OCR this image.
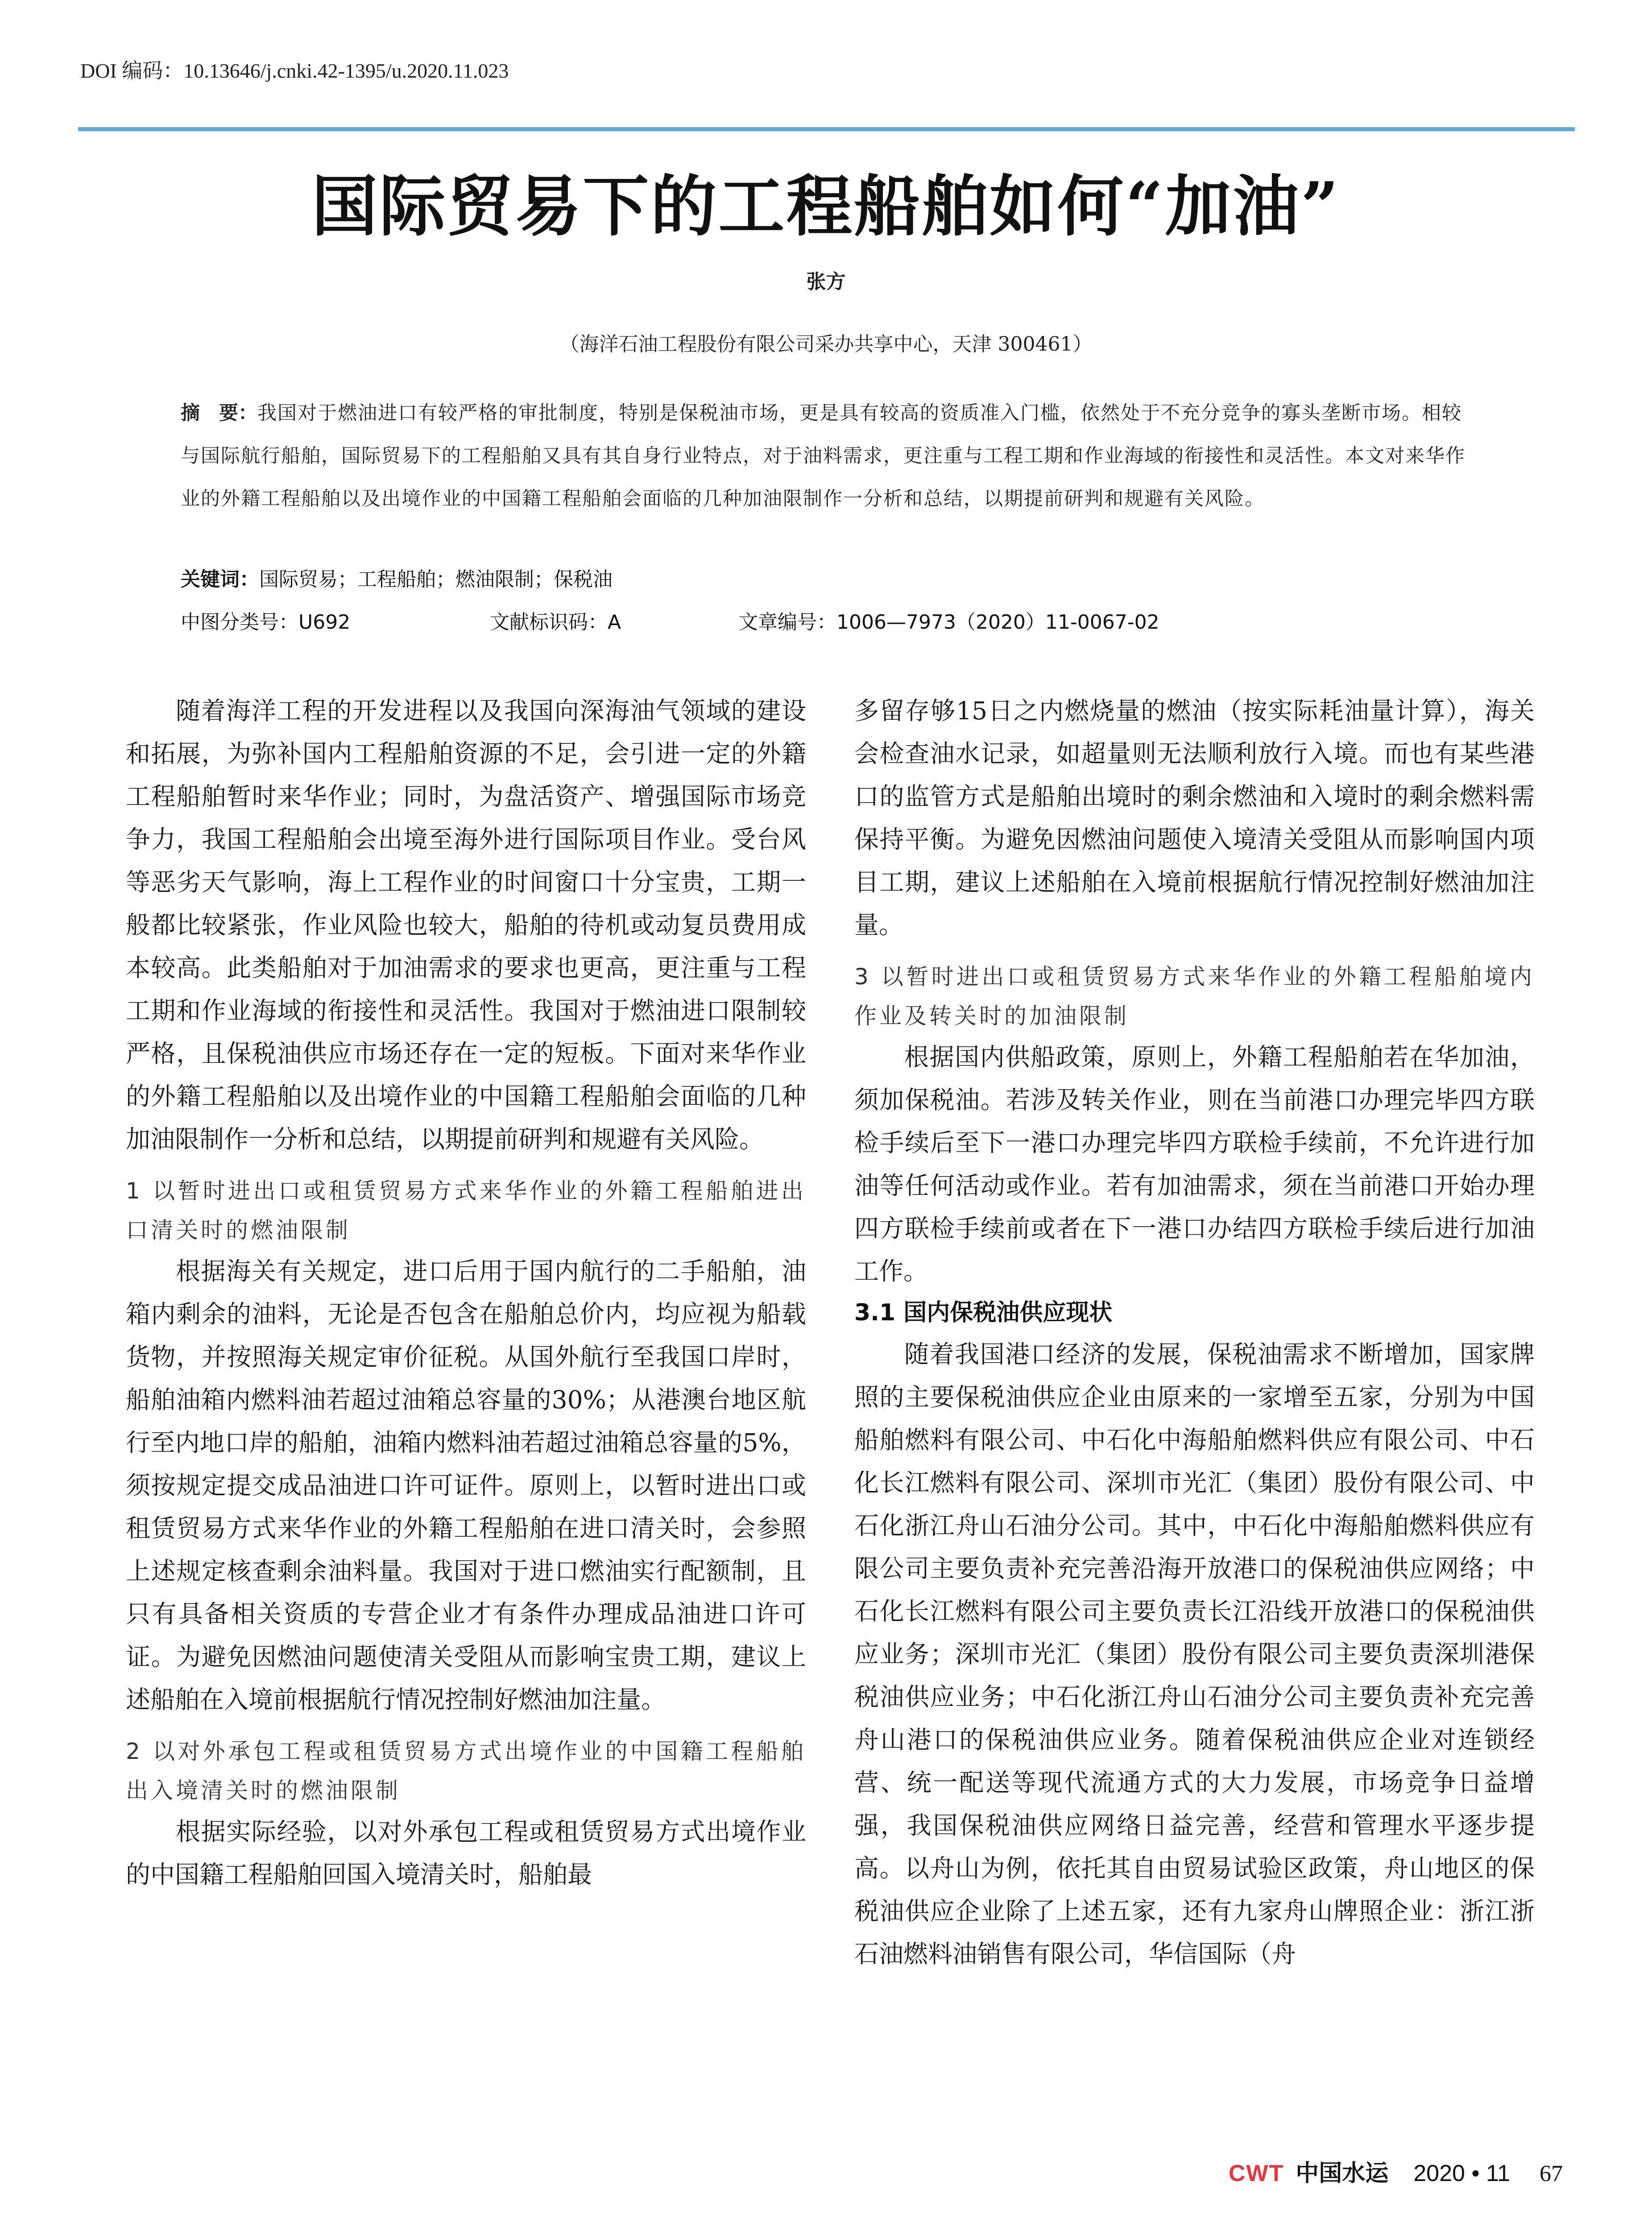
DOI 编码：10.13646/j.cnki.42-1395/u.2020.11.023
国际贸易下的工程船舶如何“加油”
张方
（海洋石油工程股份有限公司采办共享中心，天津 300461）
摘　要：我国对于燃油进口有较严格的审批制度，特别是保税油市场，更是具有较高的资质准入门槛，依然处于不充分竞争的寡头垄断市场。相较与国际航行船舶，国际贸易下的工程船舶又具有其自身行业特点，对于油料需求，更注重与工程工期和作业海域的衔接性和灵活性。本文对来华作业的外籍工程船舶以及出境作业的中国籍工程船舶会面临的几种加油限制作一分析和总结，以期提前研判和规避有关风险。
关键词：国际贸易；工程船舶；燃油限制；保税油
中图分类号：U692	文献标识码：A	文章编号：1006—7973（2020）11-0067-02

随着海洋工程的开发进程以及我国向深海油气领域的建设和拓展，为弥补国内工程船舶资源的不足，会引进一定的外籍工程船舶暂时来华作业；同时，为盘活资产、增强国际市场竞争力，我国工程船舶会出境至海外进行国际项目作业。受台风等恶劣天气影响，海上工程作业的时间窗口十分宝贵，工期一般都比较紧张，作业风险也较大，船舶的待机或动复员费用成本较高。此类船舶对于加油需求的要求也更高，更注重与工程工期和作业海域的衔接性和灵活性。我国对于燃油进口限制较严格，且保税油供应市场还存在一定的短板。下面对来华作业的外籍工程船舶以及出境作业的中国籍工程船舶会面临的几种加油限制作一分析和总结，以期提前研判和规避有关风险。

1 以暂时进出口或租赁贸易方式来华作业的外籍工程船舶进出口清关时的燃油限制

根据海关有关规定，进口后用于国内航行的二手船舶，油箱内剩余的油料，无论是否包含在船舶总价内，均应视为船载货物，并按照海关规定审价征税。从国外航行至我国口岸时，船舶油箱内燃料油若超过油箱总容量的30%；从港澳台地区航行至内地口岸的船舶，油箱内燃料油若超过油箱总容量的5%，须按规定提交成品油进口许可证件。原则上，以暂时进出口或租赁贸易方式来华作业的外籍工程船舶在进口清关时，会参照上述规定核查剩余油料量。我国对于进口燃油实行配额制，且只有具备相关资质的专营企业才有条件办理成品油进口许可证。为避免因燃油问题使清关受阻从而影响宝贵工期，建议上述船舶在入境前根据航行情况控制好燃油加注量。

2 以对外承包工程或租赁贸易方式出境作业的中国籍工程船舶出入境清关时的燃油限制

根据实际经验，以对外承包工程或租赁贸易方式出境作业的中国籍工程船舶回国入境清关时，船舶最

多留存够15日之内燃烧量的燃油（按实际耗油量计算），海关会检查油水记录，如超量则无法顺利放行入境。而也有某些港口的监管方式是船舶出境时的剩余燃油和入境时的剩余燃料需保持平衡。为避免因燃油问题使入境清关受阻从而影响国内项目工期，建议上述船舶在入境前根据航行情况控制好燃油加注量。

3 以暂时进出口或租赁贸易方式来华作业的外籍工程船舶境内作业及转关时的加油限制

根据国内供船政策，原则上，外籍工程船舶若在华加油，须加保税油。若涉及转关作业，则在当前港口办理完毕四方联检手续后至下一港口办理完毕四方联检手续前，不允许进行加油等任何活动或作业。若有加油需求，须在当前港口开始办理四方联检手续前或者在下一港口办结四方联检手续后进行加油工作。

3.1 国内保税油供应现状

随着我国港口经济的发展，保税油需求不断增加，国家牌照的主要保税油供应企业由原来的一家增至五家，分别为中国船舶燃料有限公司、中石化中海船舶燃料供应有限公司、中石化长江燃料有限公司、深圳市光汇（集团）股份有限公司、中石化浙江舟山石油分公司。其中，中石化中海船舶燃料供应有限公司主要负责补充完善沿海开放港口的保税油供应网络；中石化长江燃料有限公司主要负责长江沿线开放港口的保税油供应业务；深圳市光汇（集团）股份有限公司主要负责深圳港保税油供应业务；中石化浙江舟山石油分公司主要负责补充完善舟山港口的保税油供应业务。随着保税油供应企业对连锁经营、统一配送等现代流通方式的大力发展，市场竞争日益增强，我国保税油供应网络日益完善，经营和管理水平逐步提高。以舟山为例，依托其自由贸易试验区政策，舟山地区的保税油供应企业除了上述五家，还有九家舟山牌照企业：浙江浙石油燃料油销售有限公司，华信国际（舟

CWT 中国水运 2020 • 11 67
